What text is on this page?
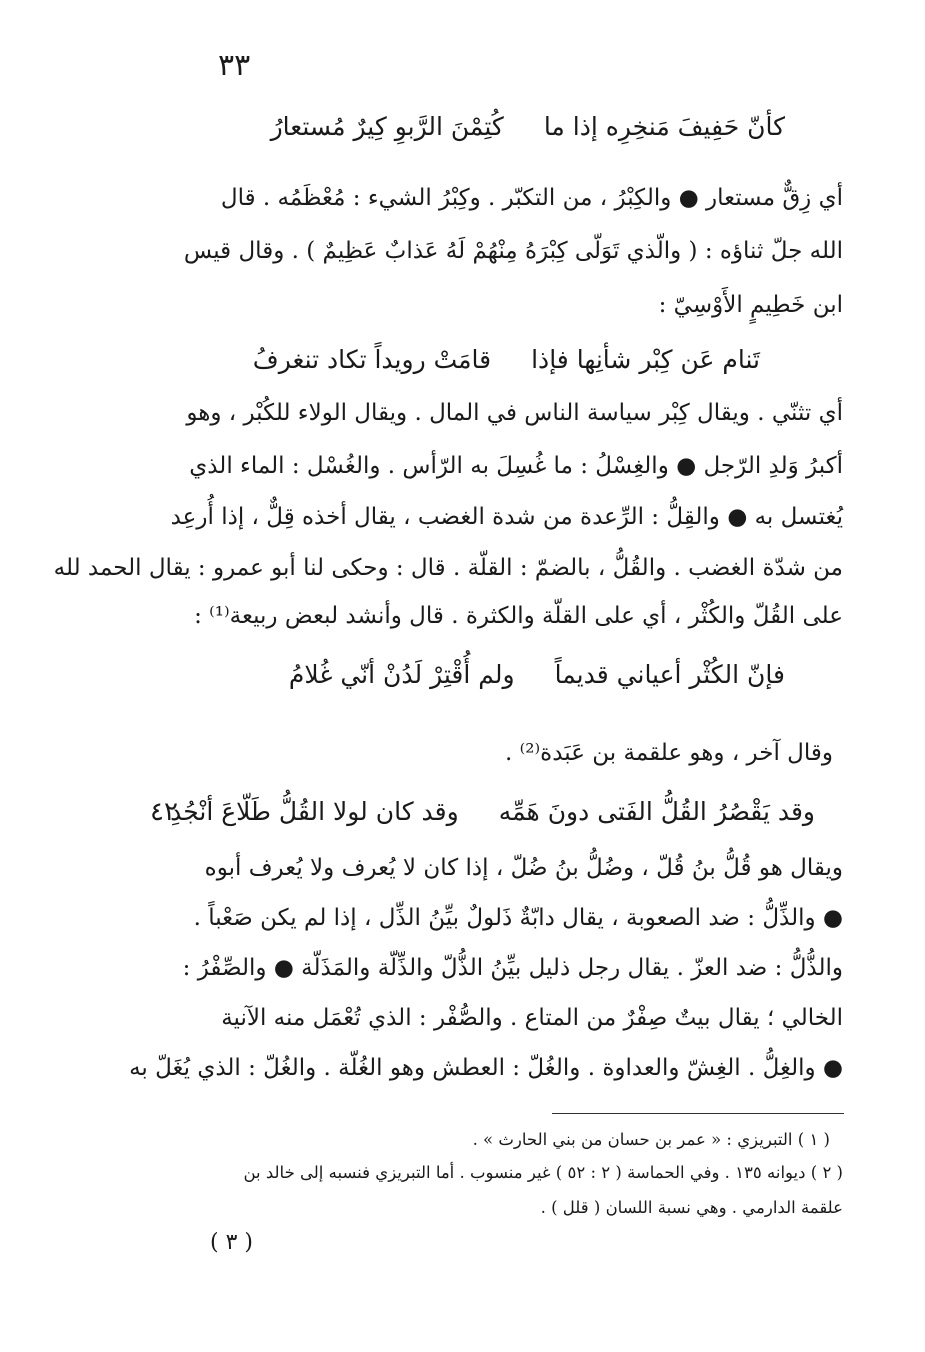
٣٣
كأنّ حَفِيفَ مَنخِرِه إذا ما
كُتِمْنَ الرَّبوِ كِيرٌ مُستعارُ
أي زِقٌّ مستعار ● والكِبْرُ ، من التكبّر . وكِبْرُ الشيء : مُعْظَمُه . قال
الله جلّ ثناؤه : ( والّذي تَوَلّى كِبْرَهُ مِنْهُمْ لَهُ عَذابٌ عَظِيمٌ ) . وقال قيس
ابن خَطِيمٍ الأَوْسِيّ :
تَنام عَن كِبْر شأنِها فإذا
قامَتْ رويداً تكاد تنغرفُ
أي تثنّي . ويقال كِبْر سياسة الناس في المال . ويقال الولاء للكُبْر ، وهو
أكبرُ وَلدِ الرّجل ● والغِسْلُ : ما غُسِلَ به الرّأس . والغُسْل : الماء الذي
يُغتسل به ● والقِلُّ : الرِّعدة من شدة الغضب ، يقال أخذه قِلٌّ ، إذا أُرعِد
من شدّة الغضب . والقُلُّ ، بالضمّ : القلّة . قال : وحكى لنا أبو عمرو : يقال الحمد لله
على القُلّ والكُثْر ، أي على القلّة والكثرة . قال وأنشد لبعض ربيعة⁽¹⁾ :
فإنّ الكُثْر أعياني قديماً
ولم أُقْتِرْ لَدُنْ أنّي غُلامُ
وقال آخر ، وهو علقمة بن عَبَدة⁽²⁾ .
٤٢	وقد يَقْصُرُ القُلُّ الفَتى دونَ هَمِّه
وقد كان لولا القُلُّ طَلّاعَ أنْجُدِ
ويقال هو قُلُّ بنُ قُلّ ، وضُلُّ بنُ ضُلّ ، إذا كان لا يُعرف ولا يُعرف أبوه
● والذِّلُّ : ضد الصعوبة ، يقال دابّةٌ ذَلولٌ بيِّنُ الذِّل ، إذا لم يكن صَعْباً .
والذُّلُّ : ضد العزّ . يقال رجل ذليل بيِّنُ الذُّلّ والذِّلّة والمَذَلّة ● والصِّفْرُ :
الخالي ؛ يقال بيتٌ صِفْرٌ من المتاع . والصُّفْر : الذي تُعْمَل منه الآنية
● والغِلُّ . الغِشّ والعداوة . والغُلّ : العطش وهو الغُلّة . والغُلّ : الذي يُغَلّ به
( ١ ) التبريزي : « عمر بن حسان من بني الحارث » .
( ٢ ) ديوانه ١٣٥ . وفي الحماسة ( ٢ : ٥٢ ) غير منسوب . أما التبريزي فنسبه إلى خالد بن
علقمة الدارمي . وهي نسبة اللسان ( قلل ) .
( ٣ )
